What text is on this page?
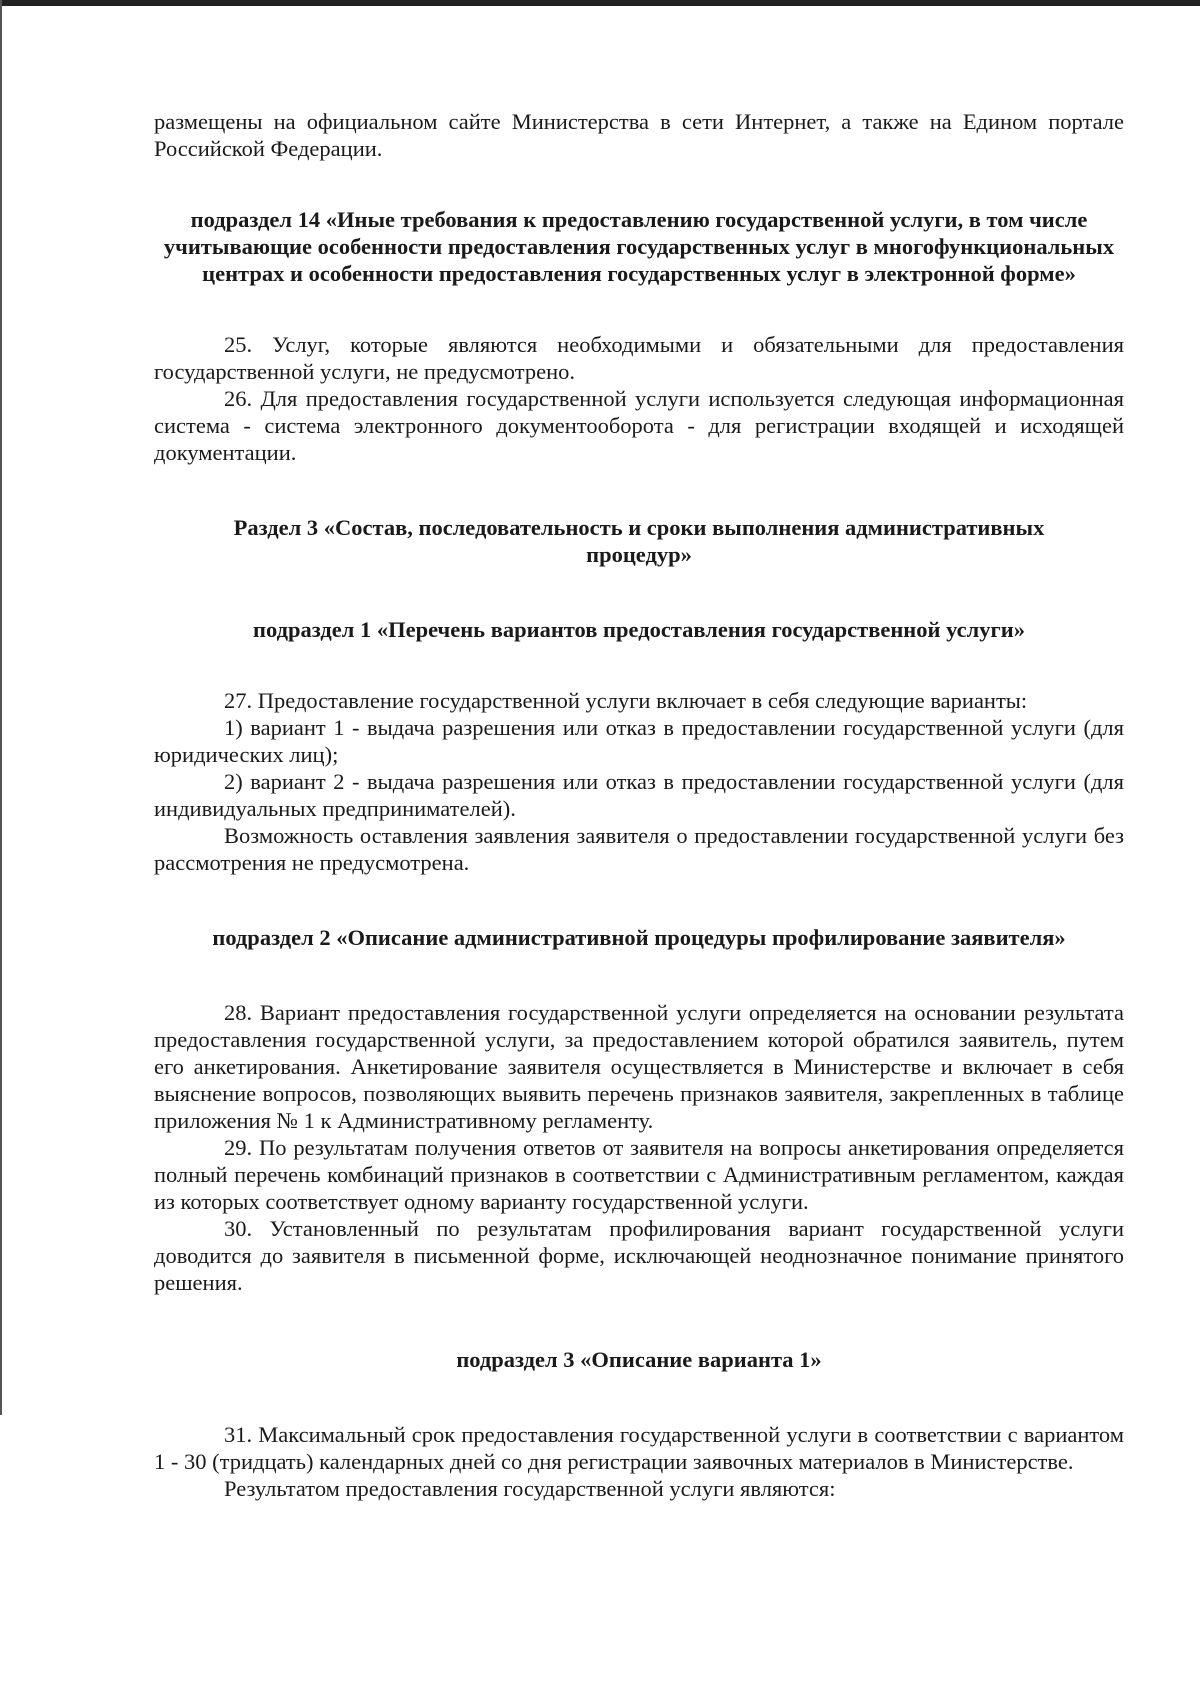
размещены на официальном сайте Министерства в сети Интернет, а также на Едином портале Российской Федерации.

подраздел 14 «Иные требования к предоставлению государственной услуги, в том числе учитывающие особенности предоставления государственных услуг в многофункциональных центрах и особенности предоставления государственных услуг в электронной форме»

25. Услуг, которые являются необходимыми и обязательными для предоставления государственной услуги, не предусмотрено.

26. Для предоставления государственной услуги используется следующая информационная система - система электронного документооборота - для регистрации входящей и исходящей документации.

Раздел 3 «Состав, последовательность и сроки выполнения административных процедур»

подраздел 1 «Перечень вариантов предоставления государственной услуги»

27. Предоставление государственной услуги включает в себя следующие варианты:

1) вариант 1 - выдача разрешения или отказ в предоставлении государственной услуги (для юридических лиц);

2) вариант 2 - выдача разрешения или отказ в предоставлении государственной услуги (для индивидуальных предпринимателей).

Возможность оставления заявления заявителя о предоставлении государственной услуги без рассмотрения не предусмотрена.

подраздел 2 «Описание административной процедуры профилирование заявителя»

28. Вариант предоставления государственной услуги определяется на основании результата предоставления государственной услуги, за предоставлением которой обратился заявитель, путем его анкетирования. Анкетирование заявителя осуществляется в Министерстве и включает в себя выяснение вопросов, позволяющих выявить перечень признаков заявителя, закрепленных в таблице приложения № 1 к Административному регламенту.

29. По результатам получения ответов от заявителя на вопросы анкетирования определяется полный перечень комбинаций признаков в соответствии с Административным регламентом, каждая из которых соответствует одному варианту государственной услуги.

30. Установленный по результатам профилирования вариант государственной услуги доводится до заявителя в письменной форме, исключающей неоднозначное понимание принятого решения.

подраздел 3 «Описание варианта 1»

31. Максимальный срок предоставления государственной услуги в соответствии с вариантом 1 - 30 (тридцать) календарных дней со дня регистрации заявочных материалов в Министерстве.

Результатом предоставления государственной услуги являются:
